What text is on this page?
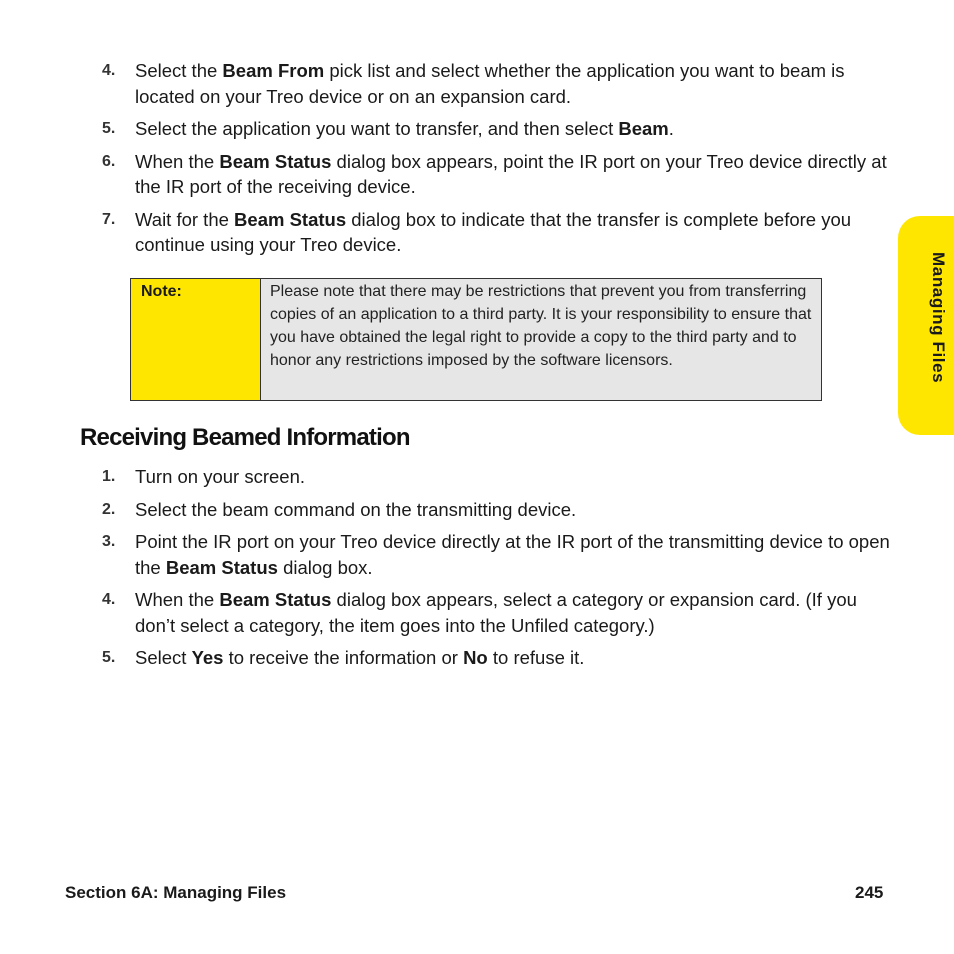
4.	Select the Beam From pick list and select whether the application you want to beam is located on your Treo device or on an expansion card.
5.	Select the application you want to transfer, and then select Beam.
6.	When the Beam Status dialog box appears, point the IR port on your Treo device directly at the IR port of the receiving device.
7.	Wait for the Beam Status dialog box to indicate that the transfer is complete before you continue using your Treo device.
Note:	Please note that there may be restrictions that prevent you from transferring copies of an application to a third party. It is your responsibility to ensure that you have obtained the legal right to provide a copy to the third party and to honor any restrictions imposed by the software licensors.
Receiving Beamed Information
1.	Turn on your screen.
2.	Select the beam command on the transmitting device.
3.	Point the IR port on your Treo device directly at the IR port of the transmitting device to open the Beam Status dialog box.
4.	When the Beam Status dialog box appears, select a category or expansion card. (If you don’t select a category, the item goes into the Unfiled category.)
5.	Select Yes to receive the information or No to refuse it.
Managing Files
Section 6A: Managing Files	245
